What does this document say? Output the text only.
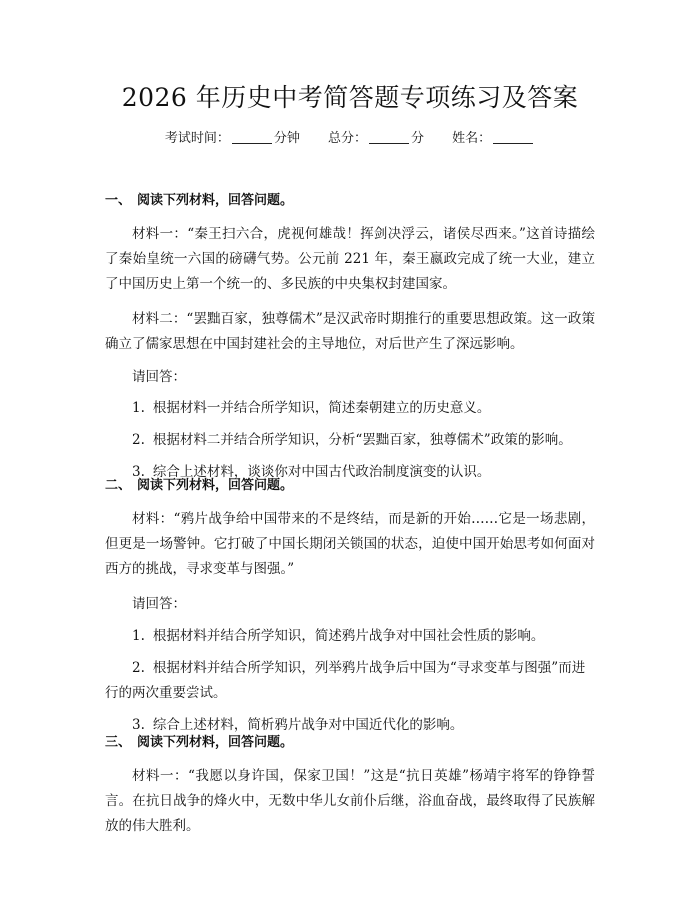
2026 年历史中考简答题专项练习及答案
考试时间：	分钟 总分：	分 姓名：
一、 阅读下列材料，回答问题。

材料一：“秦王扫六合，虎视何雄哉！挥剑决浮云，诸侯尽西来。”这首诗描绘了秦始皇统一六国的磅礴气势。公元前 221 年，秦王嬴政完成了统一大业，建立了中国历史上第一个统一的、多民族的中央集权封建国家。

材料二：“罢黜百家，独尊儒术”是汉武帝时期推行的重要思想政策。这一政策确立了儒家思想在中国封建社会的主导地位，对后世产生了深远影响。

请回答：
1. 根据材料一并结合所学知识，简述秦朝建立的历史意义。
2. 根据材料二并结合所学知识，分析“罢黜百家，独尊儒术”政策的影响。
3. 综合上述材料，谈谈你对中国古代政治制度演变的认识。
二、 阅读下列材料，回答问题。

材料：“鸦片战争给中国带来的不是终结，而是新的开始……它是一场悲剧，但更是一场警钟。它打破了中国长期闭关锁国的状态，迫使中国开始思考如何面对西方的挑战，寻求变革与图强。”

请回答：
1. 根据材料并结合所学知识，简述鸦片战争对中国社会性质的影响。
2. 根据材料并结合所学知识，列举鸦片战争后中国为“寻求变革与图强”而进行的两次重要尝试。
3. 综合上述材料，简析鸦片战争对中国近代化的影响。
三、 阅读下列材料，回答问题。

材料一：“我愿以身许国，保家卫国！”这是“抗日英雄”杨靖宇将军的铮铮誓言。在抗日战争的烽火中，无数中华儿女前仆后继，浴血奋战，最终取得了民族解放的伟大胜利。
